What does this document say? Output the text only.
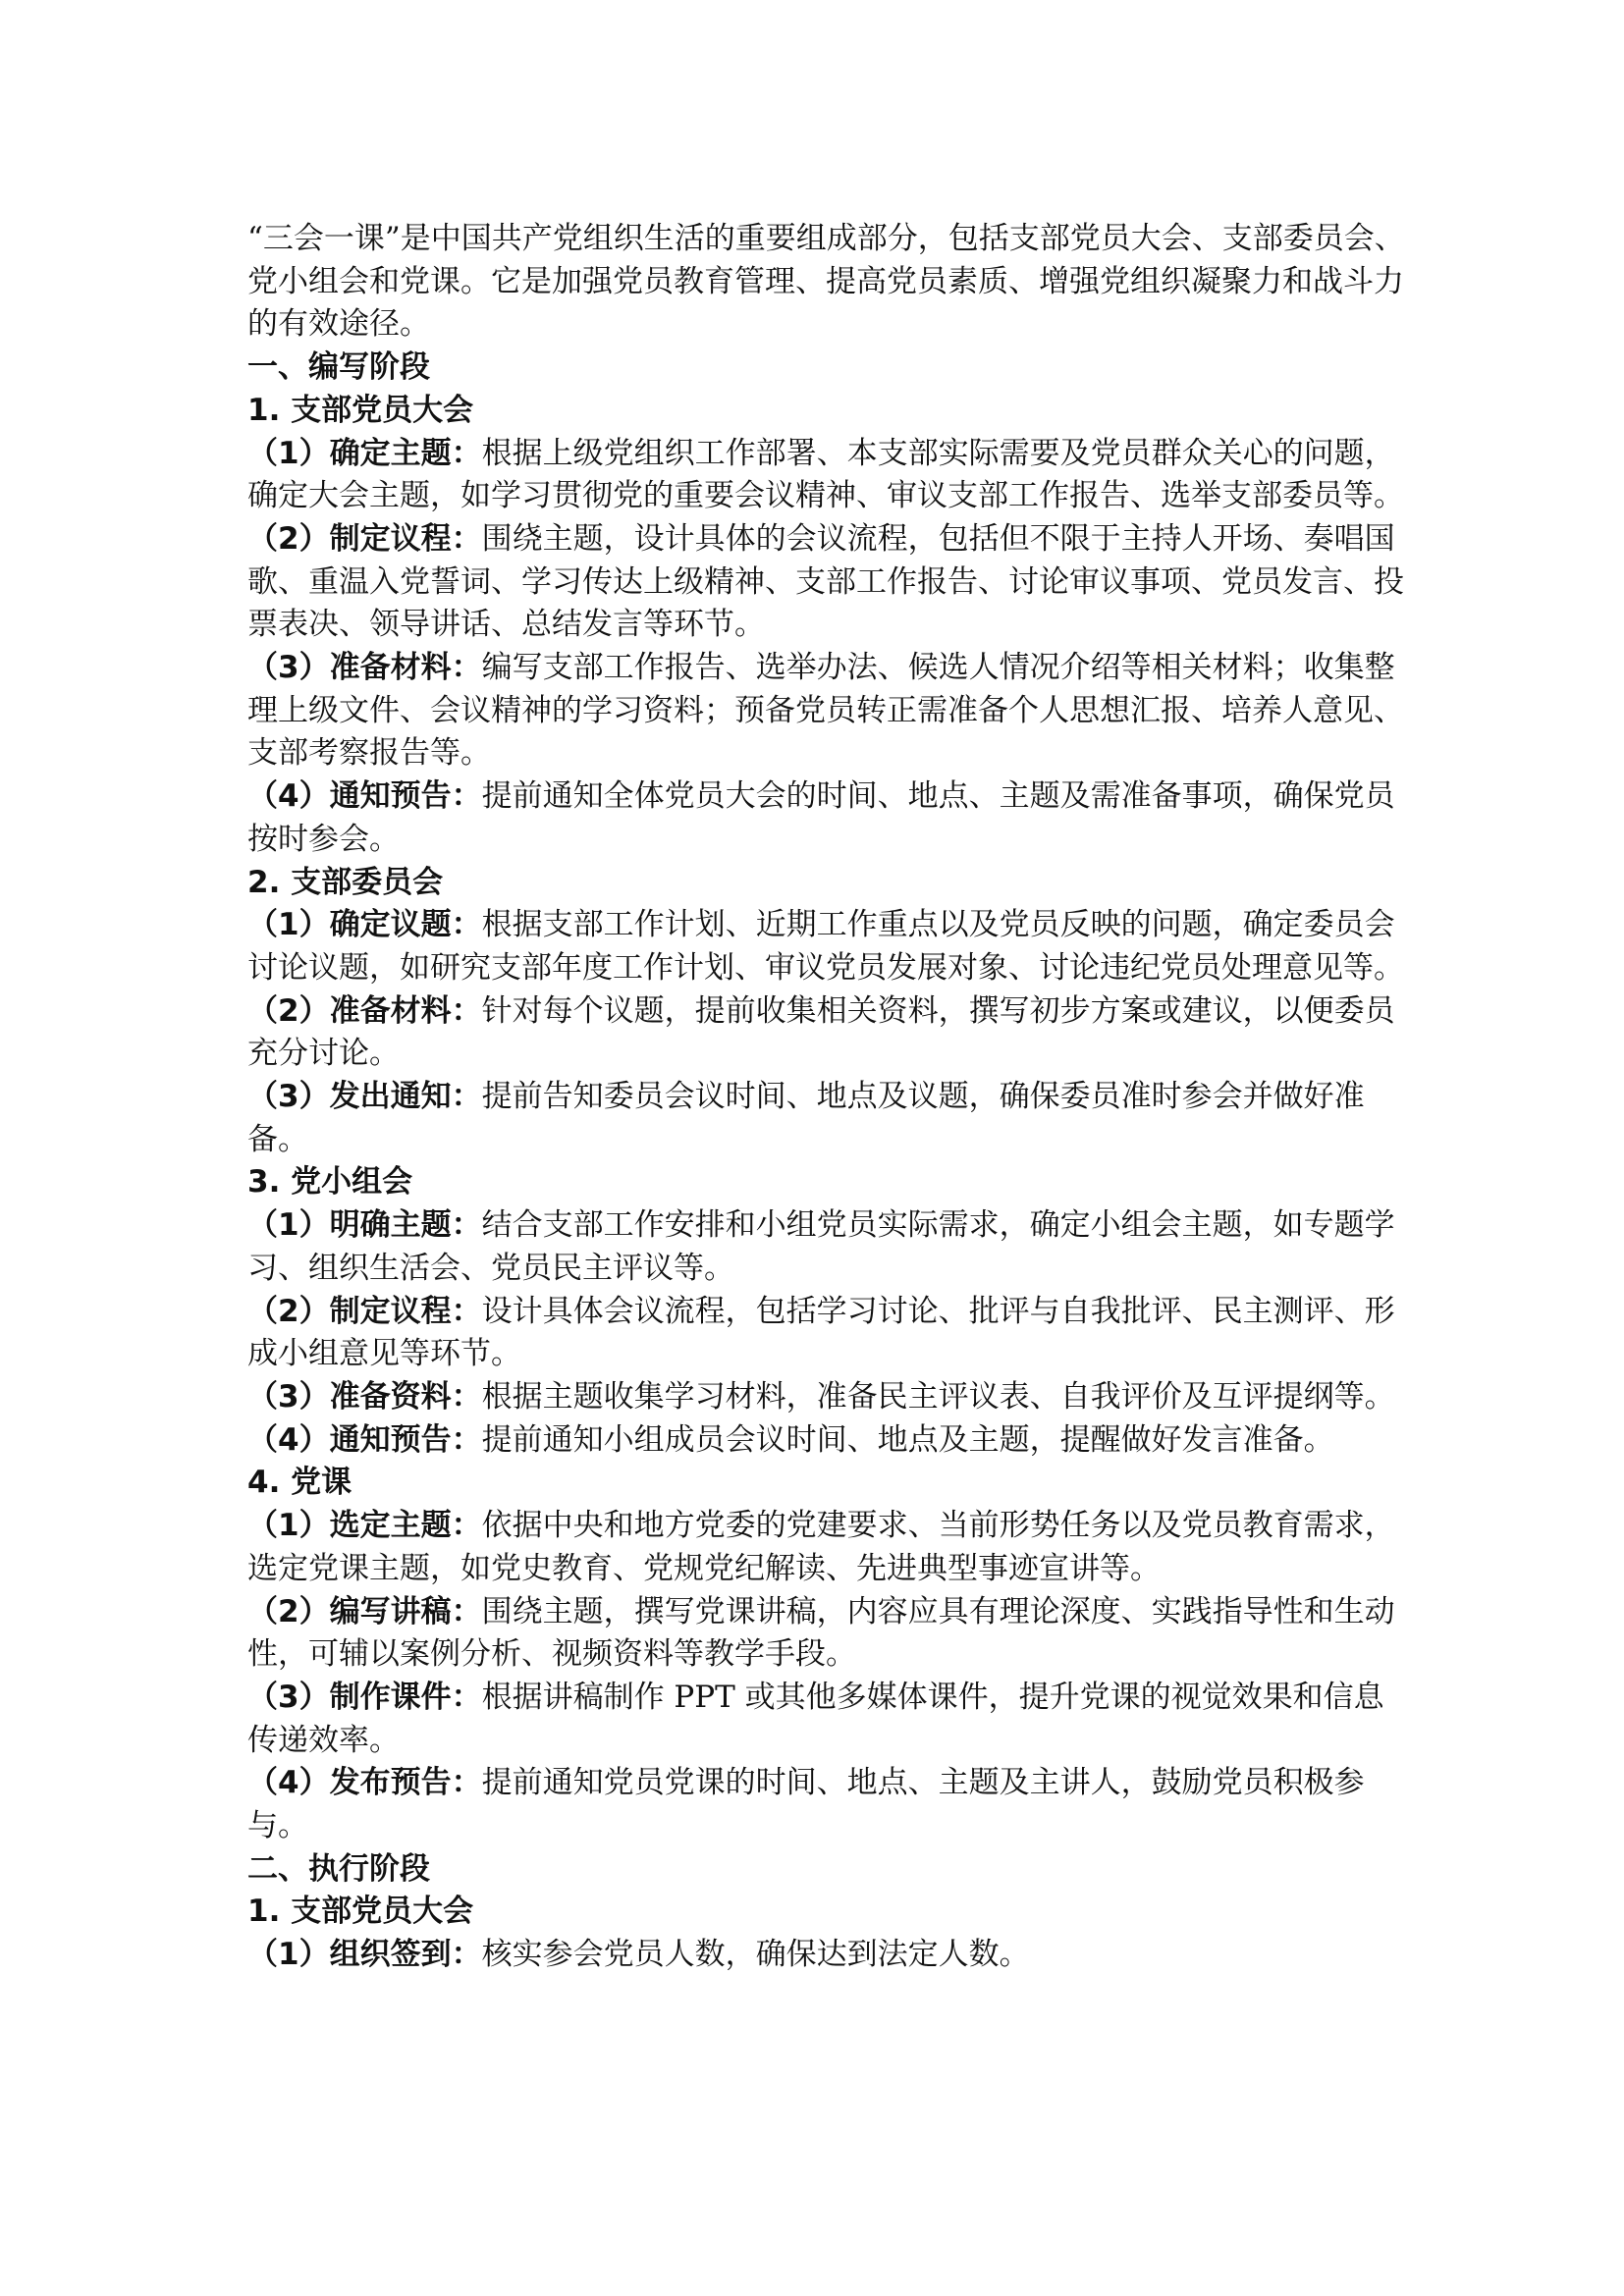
“三会一课”是中国共产党组织生活的重要组成部分，包括支部党员大会、支部委员会、党小组会和党课。它是加强党员教育管理、提高党员素质、增强党组织凝聚力和战斗力的有效途径。

一、编写阶段

1. 支部党员大会

（1）确定主题：根据上级党组织工作部署、本支部实际需要及党员群众关心的问题，确定大会主题，如学习贯彻党的重要会议精神、审议支部工作报告、选举支部委员等。

（2）制定议程：围绕主题，设计具体的会议流程，包括但不限于主持人开场、奏唱国歌、重温入党誓词、学习传达上级精神、支部工作报告、讨论审议事项、党员发言、投票表决、领导讲话、总结发言等环节。

（3）准备材料：编写支部工作报告、选举办法、候选人情况介绍等相关材料；收集整理上级文件、会议精神的学习资料；预备党员转正需准备个人思想汇报、培养人意见、支部考察报告等。

（4）通知预告：提前通知全体党员大会的时间、地点、主题及需准备事项，确保党员按时参会。

2. 支部委员会

（1）确定议题：根据支部工作计划、近期工作重点以及党员反映的问题，确定委员会讨论议题，如研究支部年度工作计划、审议党员发展对象、讨论违纪党员处理意见等。

（2）准备材料：针对每个议题，提前收集相关资料，撰写初步方案或建议，以便委员充分讨论。

（3）发出通知：提前告知委员会议时间、地点及议题，确保委员准时参会并做好准备。

3. 党小组会

（1）明确主题：结合支部工作安排和小组党员实际需求，确定小组会主题，如专题学习、组织生活会、党员民主评议等。

（2）制定议程：设计具体会议流程，包括学习讨论、批评与自我批评、民主测评、形成小组意见等环节。

（3）准备资料：根据主题收集学习材料，准备民主评议表、自我评价及互评提纲等。

（4）通知预告：提前通知小组成员会议时间、地点及主题，提醒做好发言准备。

4. 党课

（1）选定主题：依据中央和地方党委的党建要求、当前形势任务以及党员教育需求，选定党课主题，如党史教育、党规党纪解读、先进典型事迹宣讲等。

（2）编写讲稿：围绕主题，撰写党课讲稿，内容应具有理论深度、实践指导性和生动性，可辅以案例分析、视频资料等教学手段。

（3）制作课件：根据讲稿制作 PPT 或其他多媒体课件，提升党课的视觉效果和信息传递效率。

（4）发布预告：提前通知党员党课的时间、地点、主题及主讲人，鼓励党员积极参与。

二、执行阶段

1. 支部党员大会

（1）组织签到：核实参会党员人数，确保达到法定人数。
